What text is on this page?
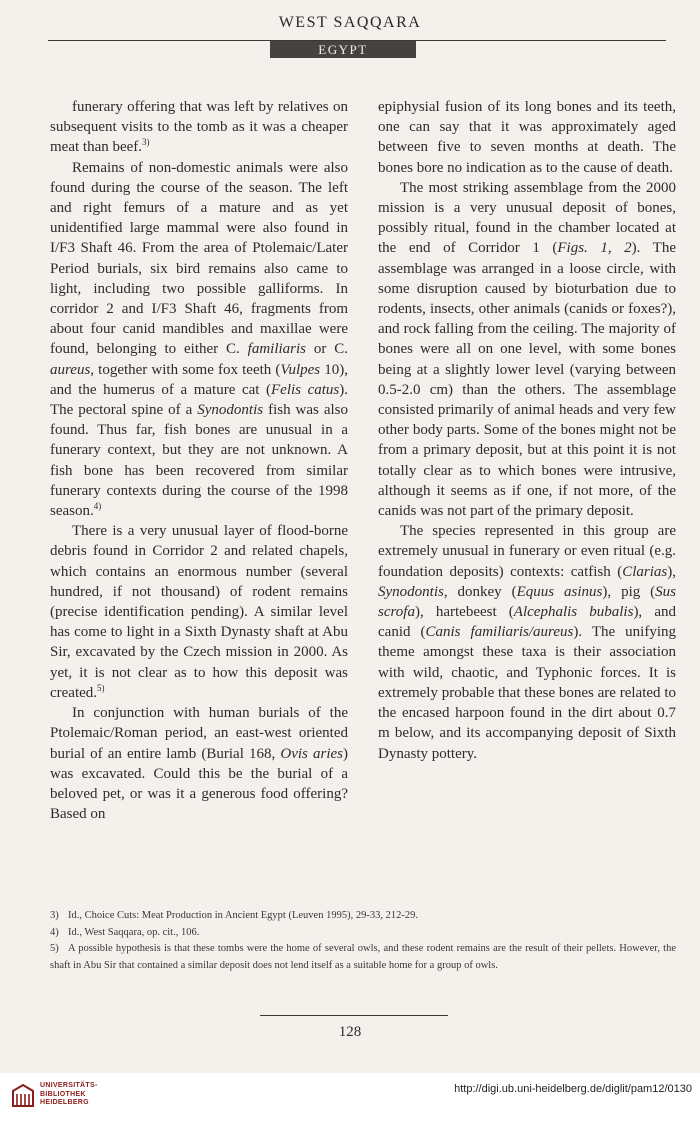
WEST SAQQARA
EGYPT

funerary offering that was left by relatives on subsequent visits to the tomb as it was a cheaper meat than beef.$^{3)}$

Remains of non-domestic animals were also found during the course of the season. The left and right femurs of a mature and as yet unidentified large mammal were also found in I/F3 Shaft 46. From the area of Ptolemaic/Later Period burials, six bird remains also came to light, including two possible galliforms. In corridor 2 and I/F3 Shaft 46, fragments from about four canid mandibles and maxillae were found, belonging to either C. familiaris or C. aureus, together with some fox teeth (Vulpes 10), and the humerus of a mature cat (Felis catus). The pectoral spine of a Synodontis fish was also found. Thus far, fish bones are unusual in a funerary context, but they are not unknown. A fish bone has been recovered from similar funerary contexts during the course of the 1998 season.$^{4)}$

There is a very unusual layer of flood-borne debris found in Corridor 2 and related chapels, which contains an enormous number (several hundred, if not thousand) of rodent remains (precise identification pending). A similar level has come to light in a Sixth Dynasty shaft at Abu Sir, excavated by the Czech mission in 2000. As yet, it is not clear as to how this deposit was created.$^{5)}$

In conjunction with human burials of the Ptolemaic/Roman period, an east-west oriented burial of an entire lamb (Burial 168, Ovis aries) was excavated. Could this be the burial of a beloved pet, or was it a generous food offering? Based on

epiphysial fusion of its long bones and its teeth, one can say that it was approximately aged between five to seven months at death. The bones bore no indication as to the cause of death.

The most striking assemblage from the 2000 mission is a very unusual deposit of bones, possibly ritual, found in the chamber located at the end of Corridor 1 (Figs. 1, 2). The assemblage was arranged in a loose circle, with some disruption caused by bioturbation due to rodents, insects, other animals (canids or foxes?), and rock falling from the ceiling. The majority of bones were all on one level, with some bones being at a slightly lower level (varying between 0.5-2.0 cm) than the others. The assemblage consisted primarily of animal heads and very few other body parts. Some of the bones might not be from a primary deposit, but at this point it is not totally clear as to which bones were intrusive, although it seems as if one, if not more, of the canids was not part of the primary deposit.

The species represented in this group are extremely unusual in funerary or even ritual (e.g. foundation deposits) contexts: catfish (Clarias), Synodontis, donkey (Equus asinus), pig (Sus scrofa), hartebeest (Alcephalis bubalis), and canid (Canis familiaris/aureus). The unifying theme amongst these taxa is their association with wild, chaotic, and Typhonic forces. It is extremely probable that these bones are related to the encased harpoon found in the dirt about 0.7 m below, and its accompanying deposit of Sixth Dynasty pottery.

3) Id., Choice Cuts: Meat Production in Ancient Egypt (Leuven 1995), 29-33, 212-29.

4) Id., West Saqqara, op. cit., 106.

5) A possible hypothesis is that these tombs were the home of several owls, and these rodent remains are the result of their pellets. However, the shaft in Abu Sir that contained a similar deposit does not lend itself as a suitable home for a group of owls.

128
UNIVERSITÄTS-
BIBLIOTHEK
HEIDELBERG
http://digi.ub.uni-heidelberg.de/diglit/pam12/0130
